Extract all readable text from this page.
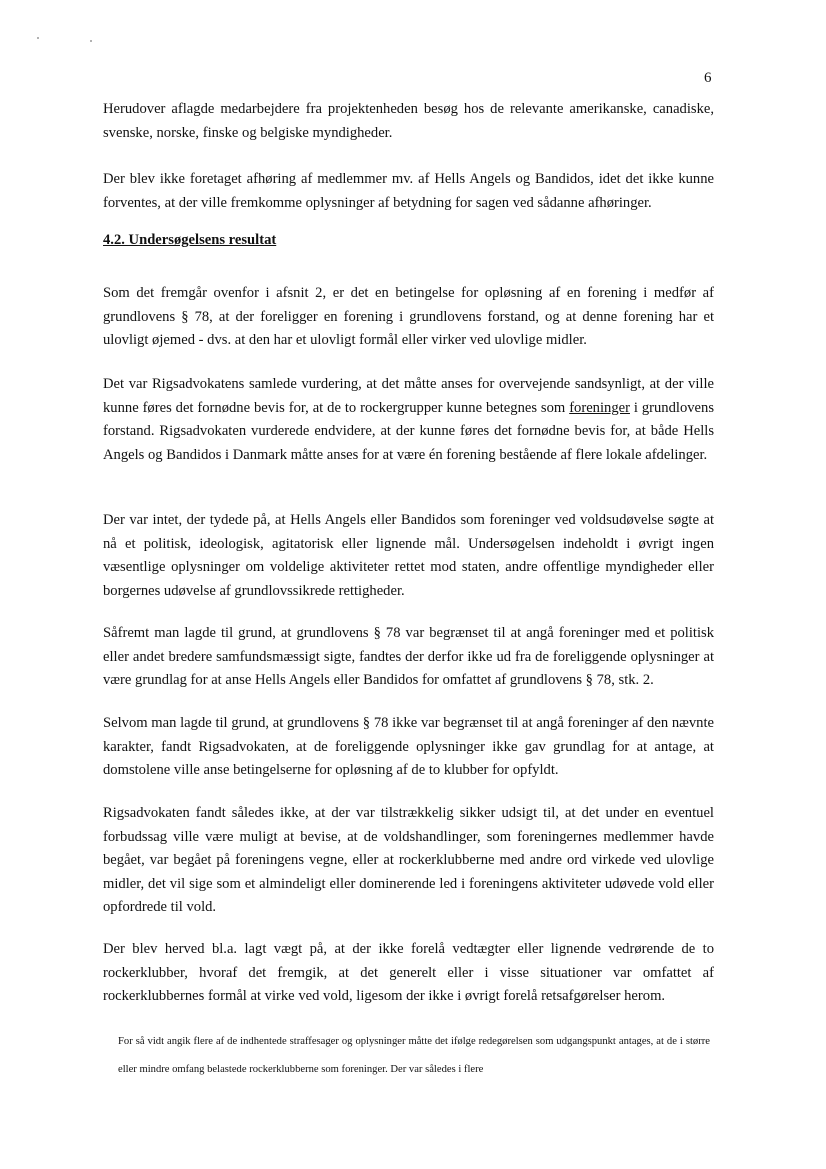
6

Herudover aflagde medarbejdere fra projektenheden besøg hos de relevante amerikanske, canadiske, svenske, norske, finske og belgiske myndigheder.

Der blev ikke foretaget afhøring af medlemmer mv. af Hells Angels og Bandidos, idet det ikke kunne forventes, at der ville fremkomme oplysninger af betydning for sagen ved sådanne afhøringer.

4.2. Undersøgelsens resultat

Som det fremgår ovenfor i afsnit 2, er det en betingelse for opløsning af en forening i medfør af grundlovens § 78, at der foreligger en forening i grundlovens forstand, og at denne forening har et ulovligt øjemed - dvs. at den har et ulovligt formål eller virker ved ulovlige midler.

Det var Rigsadvokatens samlede vurdering, at det måtte anses for overvejende sandsynligt, at der ville kunne føres det fornødne bevis for, at de to rockergrupper kunne betegnes som foreninger i grundlovens forstand. Rigsadvokaten vurderede endvidere, at der kunne føres det fornødne bevis for, at både Hells Angels og Bandidos i Danmark måtte anses for at være én forening bestående af flere lokale afdelinger.

Der var intet, der tydede på, at Hells Angels eller Bandidos som foreninger ved voldsudøvelse søgte at nå et politisk, ideologisk, agitatorisk eller lignende mål. Undersøgelsen indeholdt i øvrigt ingen væsentlige oplysninger om voldelige aktiviteter rettet mod staten, andre offentlige myndigheder eller borgernes udøvelse af grundlovssikrede rettigheder.

Såfremt man lagde til grund, at grundlovens § 78 var begrænset til at angå foreninger med et politisk eller andet bredere samfundsmæssigt sigte, fandtes der derfor ikke ud fra de foreliggende oplysninger at være grundlag for at anse Hells Angels eller Bandidos for omfattet af grundlovens § 78, stk. 2.

Selvom man lagde til grund, at grundlovens § 78 ikke var begrænset til at angå foreninger af den nævnte karakter, fandt Rigsadvokaten, at de foreliggende oplysninger ikke gav grundlag for at antage, at domstolene ville anse betingelserne for opløsning af de to klubber for opfyldt.

Rigsadvokaten fandt således ikke, at der var tilstrækkelig sikker udsigt til, at det under en eventuel forbudssag ville være muligt at bevise, at de voldshandlinger, som foreningernes medlemmer havde begået, var begået på foreningens vegne, eller at rockerklubberne med andre ord virkede ved ulovlige midler, det vil sige som et almindeligt eller dominerende led i foreningens aktiviteter udøvede vold eller opfordrede til vold.

Der blev herved bl.a. lagt vægt på, at der ikke forelå vedtægter eller lignende vedrørende de to rockerklubber, hvoraf det fremgik, at det generelt eller i visse situationer var omfattet af rockerklubbernes formål at virke ved vold, ligesom der ikke i øvrigt forelå retsafgørelser herom.

For så vidt angik flere af de indhentede straffesager og oplysninger måtte det ifølge redegørelsen som udgangspunkt antages, at de i større eller mindre omfang belastede rockerklubberne som foreninger. Der var således i flere
